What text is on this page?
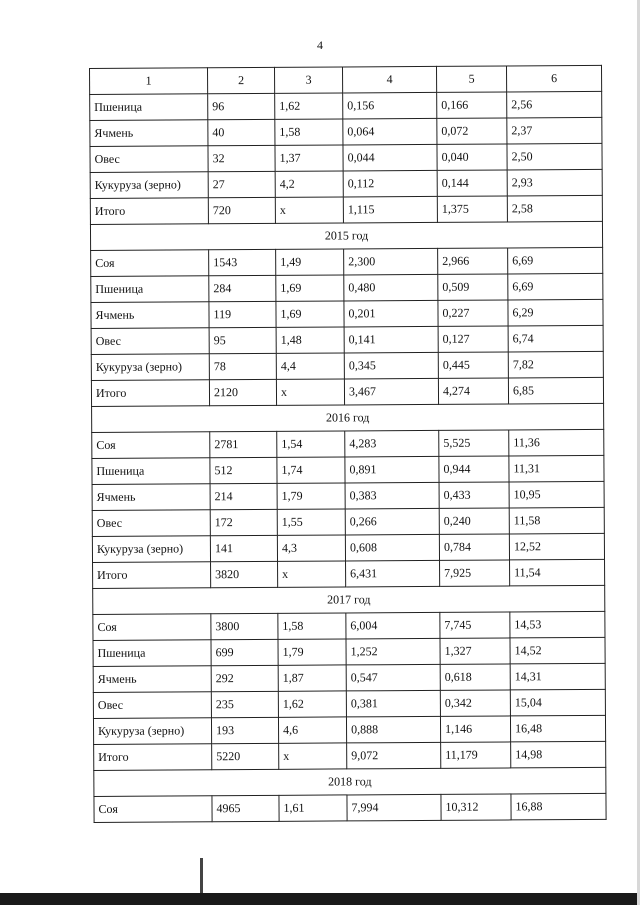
4
1	2	3	4	5	6
Пшеница	96	1,62	0,156	0,166	2,56
Ячмень	40	1,58	0,064	0,072	2,37
Овес	32	1,37	0,044	0,040	2,50
Кукуруза (зерно)	27	4,2	0,112	0,144	2,93
Итого	720	х	1,115	1,375	2,58
2015 год					
Соя	1543	1,49	2,300	2,966	6,69
Пшеница	284	1,69	0,480	0,509	6,69
Ячмень	119	1,69	0,201	0,227	6,29
Овес	95	1,48	0,141	0,127	6,74
Кукуруза (зерно)	78	4,4	0,345	0,445	7,82
Итого	2120	х	3,467	4,274	6,85
2016 год					
Соя	2781	1,54	4,283	5,525	11,36
Пшеница	512	1,74	0,891	0,944	11,31
Ячмень	214	1,79	0,383	0,433	10,95
Овес	172	1,55	0,266	0,240	11,58
Кукуруза (зерно)	141	4,3	0,608	0,784	12,52
Итого	3820	х	6,431	7,925	11,54
2017 год					
Соя	3800	1,58	6,004	7,745	14,53
Пшеница	699	1,79	1,252	1,327	14,52
Ячмень	292	1,87	0,547	0,618	14,31
Овес	235	1,62	0,381	0,342	15,04
Кукуруза (зерно)	193	4,6	0,888	1,146	16,48
Итого	5220	х	9,072	11,179	14,98
2018 год					
Соя	4965	1,61	7,994	10,312	16,88
